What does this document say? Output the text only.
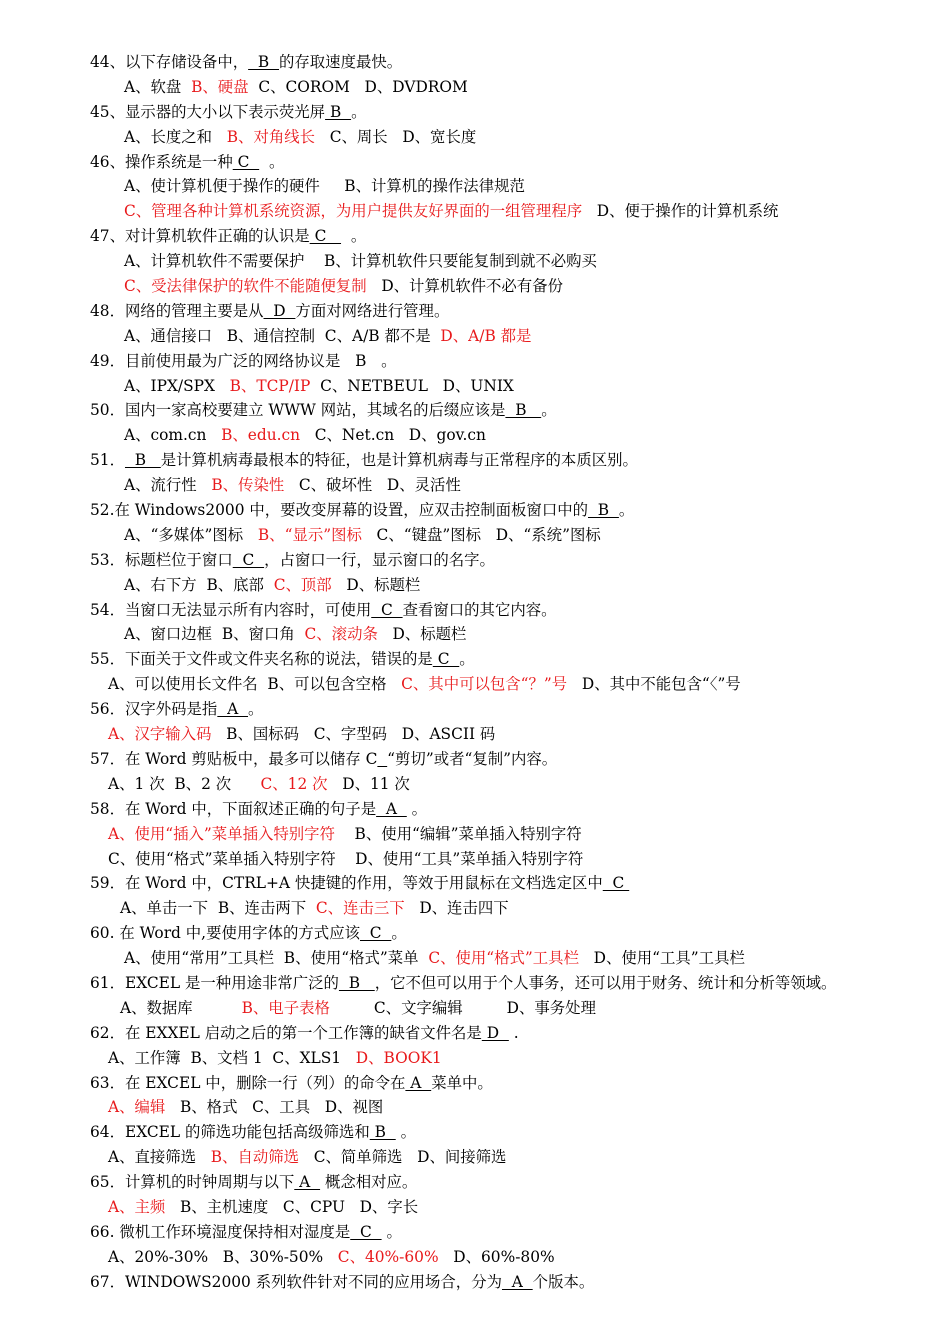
44、以下存储设备中，  B  的存取速度最快。
A、软盘  B、硬盘  C、COROM   D、DVDROM
45、显示器的大小以下表示荧光屏 B  。
A、长度之和   B、对角线长   C、周长   D、宽长度
46、操作系统是一种 C    。
A、使计算机便于操作的硬件     B、计算机的操作法律规范
C、管理各种计算机系统资源，为用户提供友好界面的一组管理程序   D、便于操作的计算机系统
47、对计算机软件正确的认识是 C     。
A、计算机软件不需要保护    B、计算机软件只要能复制到就不必购买
C、受法律保护的软件不能随便复制   D、计算机软件不必有备份
48．网络的管理主要是从  D  方面对网络进行管理。
A、通信接口   B、通信控制  C、A/B 都不是  D、A/B 都是
49．目前使用最为广泛的网络协议是   B   。
A、IPX/SPX   B、TCP/IP  C、NETBEUL   D、UNIX
50．国内一家高校要建立 WWW 网站，其域名的后缀应该是  B   。
A、com.cn   B、edu.cn   C、Net.cn   D、gov.cn
51．  B   是计算机病毒最根本的特征，也是计算机病毒与正常程序的本质区别。
A、流行性   B、传染性   C、破坏性   D、灵活性
52.在 Windows2000 中，要改变屏幕的设置，应双击控制面板窗口中的  B  。
A、“多媒体”图标   B、“显示”图标   C、“键盘”图标   D、“系统”图标
53．标题栏位于窗口  C  ，占窗口一行，显示窗口的名字。
A、右下方  B、底部  C、顶部   D、标题栏
54．当窗口无法显示所有内容时，可使用  C  查看窗口的其它内容。
A、窗口边框  B、窗口角  C、滚动条   D、标题栏
55．下面关于文件或文件夹名称的说法，错误的是 C  。
A、可以使用长文件名  B、可以包含空格   C、其中可以包含“？”号   D、其中不能包含“〈”号
56．汉字外码是指  A  。
A、汉字输入码   B、国标码   C、字型码   D、ASCII 码
57．在 Word 剪贴板中，最多可以储存 C “剪切”或者“复制”内容。
A、1 次  B、2 次      C、12 次   D、11 次
58．在 Word 中，下面叙述正确的句子是  A   。
A、使用“插入”菜单插入特别字符    B、使用“编辑”菜单插入特别字符
C、使用“格式”菜单插入特别字符    D、使用“工具”菜单插入特别字符
59．在 Word 中，CTRL+A 快捷键的作用，等效于用鼠标在文档选定区中  C
A、单击一下  B、连击两下  C、连击三下   D、连击四下
60. 在 Word 中,要使用字体的方式应该  C  。
A、使用“常用”工具栏  B、使用“格式”菜单  C、使用“格式”工具栏   D、使用“工具”工具栏
61．EXCEL 是一种用途非常广泛的  B   ，它不但可以用于个人事务，还可以用于财务、统计和分析等领域。
A、数据库          B、电子表格         C、文字编辑         D、事务处理
62．在 EXXEL 启动之后的第一个工作簿的缺省文件名是 D   .
A、工作簿  B、文档 1  C、XLS1   D、BOOK1
63．在 EXCEL 中，删除一行（列）的命令在 A  菜单中。
A、编辑   B、格式   C、工具   D、视图
64．EXCEL 的筛选功能包括高级筛选和 B   。
A、直接筛选   B、自动筛选   C、简单筛选   D、间接筛选
65．计算机的时钟周期与以下 A   概念相对应。
A、主频   B、主机速度   C、CPU   D、字长
66. 微机工作环境湿度保持相对湿度是  C   。
A、20%-30%   B、30%-50%   C、40%-60%   D、60%-80%
67．WINDOWS2000 系列软件针对不同的应用场合，分为  A  个版本。
